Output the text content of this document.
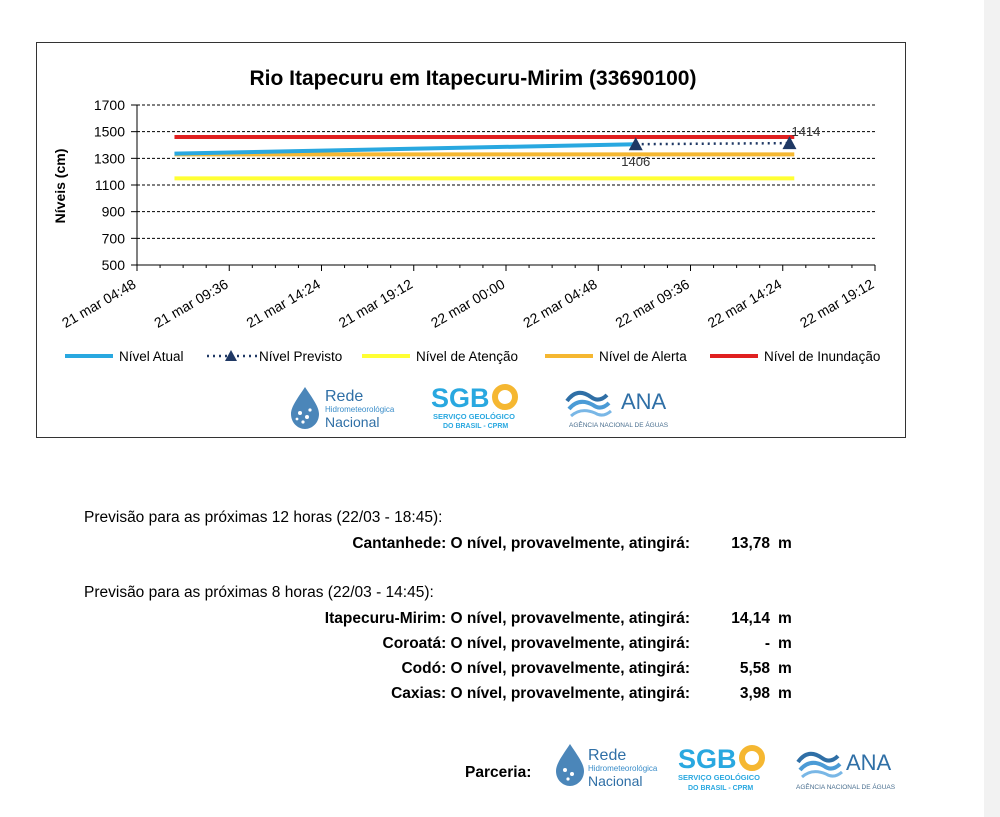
Rio Itapecuru em Itapecuru-Mirim (33690100)
Níveis (cm)	1406
1414
500
700
900
1100
1300
1500
1700
21 mar 04:48 21 mar 09:36 21 mar 14:24 21 mar 19:12 22 mar 00:00 22 mar 04:48 22 mar 09:36 22 mar 14:24 22 mar 19:12
Nível Atual	Nível Previsto	Nível de Atenção	Nível de Alerta	Nível de Inundação
Rede
Hidrometeorológica
Nacional
SGB
SERVIÇO GEOLÓGICO
DO BRASIL - CPRM
ANA
AGÊNCIA NACIONAL DE ÁGUAS
Previsão para as próximas 12 horas (22/03 - 18:45):
Cantanhede: O nível, provavelmente, atingirá:	13,78 m
Previsão para as próximas 8 horas (22/03 - 14:45):
Itapecuru-Mirim: O nível, provavelmente, atingirá:	14,14 m
Coroatá: O nível, provavelmente, atingirá:	- m
Codó: O nível, provavelmente, atingirá:	5,58 m
Caxias: O nível, provavelmente, atingirá:	3,98 m
Parceria:
Rede
Hidrometeorológica
Nacional
SGB
SERVIÇO GEOLÓGICO
DO BRASIL - CPRM
ANA
AGÊNCIA NACIONAL DE ÁGUAS
